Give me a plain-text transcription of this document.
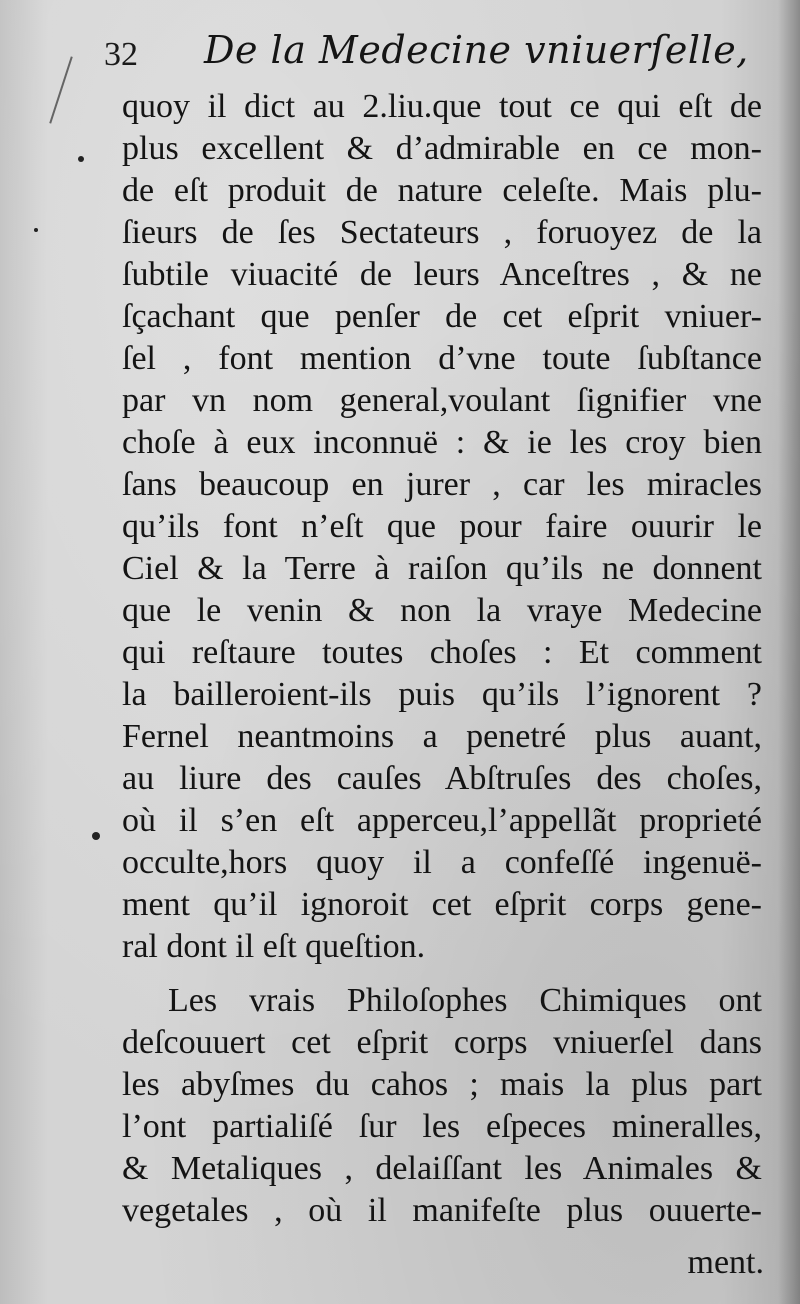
32 De la Medecine vniuerſelle,
quoy il dict au 2.liu.que tout ce qui eſt de
plus excellent & d’admirable en ce mon-
de eſt produit de nature celeſte. Mais plu-
ſieurs de ſes Sectateurs , foruoyez de la
ſubtile viuacité de leurs Anceſtres , & ne
ſçachant que penſer de cet eſprit vniuer-
ſel , font mention d’vne toute ſubſtance
par vn nom general,voulant ſignifier vne
choſe à eux inconnuë : & ie les croy bien
ſans beaucoup en jurer , car les miracles
qu’ils font n’eſt que pour faire ouurir le
Ciel & la Terre à raiſon qu’ils ne donnent
que le venin & non la vraye Medecine
qui reſtaure toutes choſes : Et comment
la bailleroient-ils puis qu’ils l’ignorent ?
Fernel neantmoins a penetré plus auant,
au liure des cauſes Abſtruſes des choſes,
où il s’en eſt apperceu,l’appellãt proprieté
occulte,hors quoy il a confeſſé ingenuë-
ment qu’il ignoroit cet eſprit corps gene-
ral dont il eſt queſtion.
Les vrais Philoſophes Chimiques ont
deſcouuert cet eſprit corps vniuerſel dans
les abyſmes du cahos ; mais la plus part
l’ont partialiſé ſur les eſpeces mineralles,
& Metaliques , delaiſſant les Animales &
vegetales , où il manifeſte plus ouuerte-
ment.
